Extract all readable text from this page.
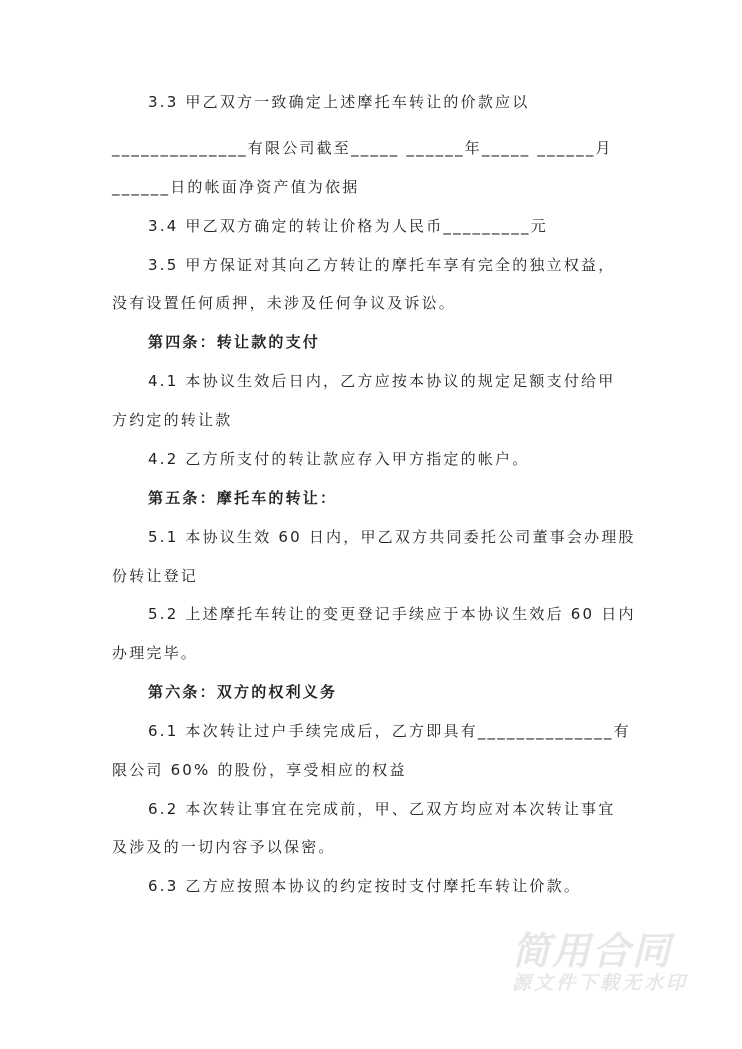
3.3 甲乙双方一致确定上述摩托车转让的价款应以
______________有限公司截至_____ ______年_____ ______月
______日的帐面净资产值为依据
3.4 甲乙双方确定的转让价格为人民币_________元
3.5 甲方保证对其向乙方转让的摩托车享有完全的独立权益，
没有设置任何质押，未涉及任何争议及诉讼。
第四条：转让款的支付
4.1 本协议生效后日内，乙方应按本协议的规定足额支付给甲
方约定的转让款
4.2 乙方所支付的转让款应存入甲方指定的帐户。
第五条：摩托车的转让：
5.1 本协议生效 60 日内，甲乙双方共同委托公司董事会办理股
份转让登记
5.2 上述摩托车转让的变更登记手续应于本协议生效后 60 日内
办理完毕。
第六条：双方的权利义务
6.1 本次转让过户手续完成后，乙方即具有______________有
限公司 60% 的股份，享受相应的权益
6.2 本次转让事宜在完成前，甲、乙双方均应对本次转让事宜
及涉及的一切内容予以保密。
6.3 乙方应按照本协议的约定按时支付摩托车转让价款。
简用合同
源文件下载无水印
